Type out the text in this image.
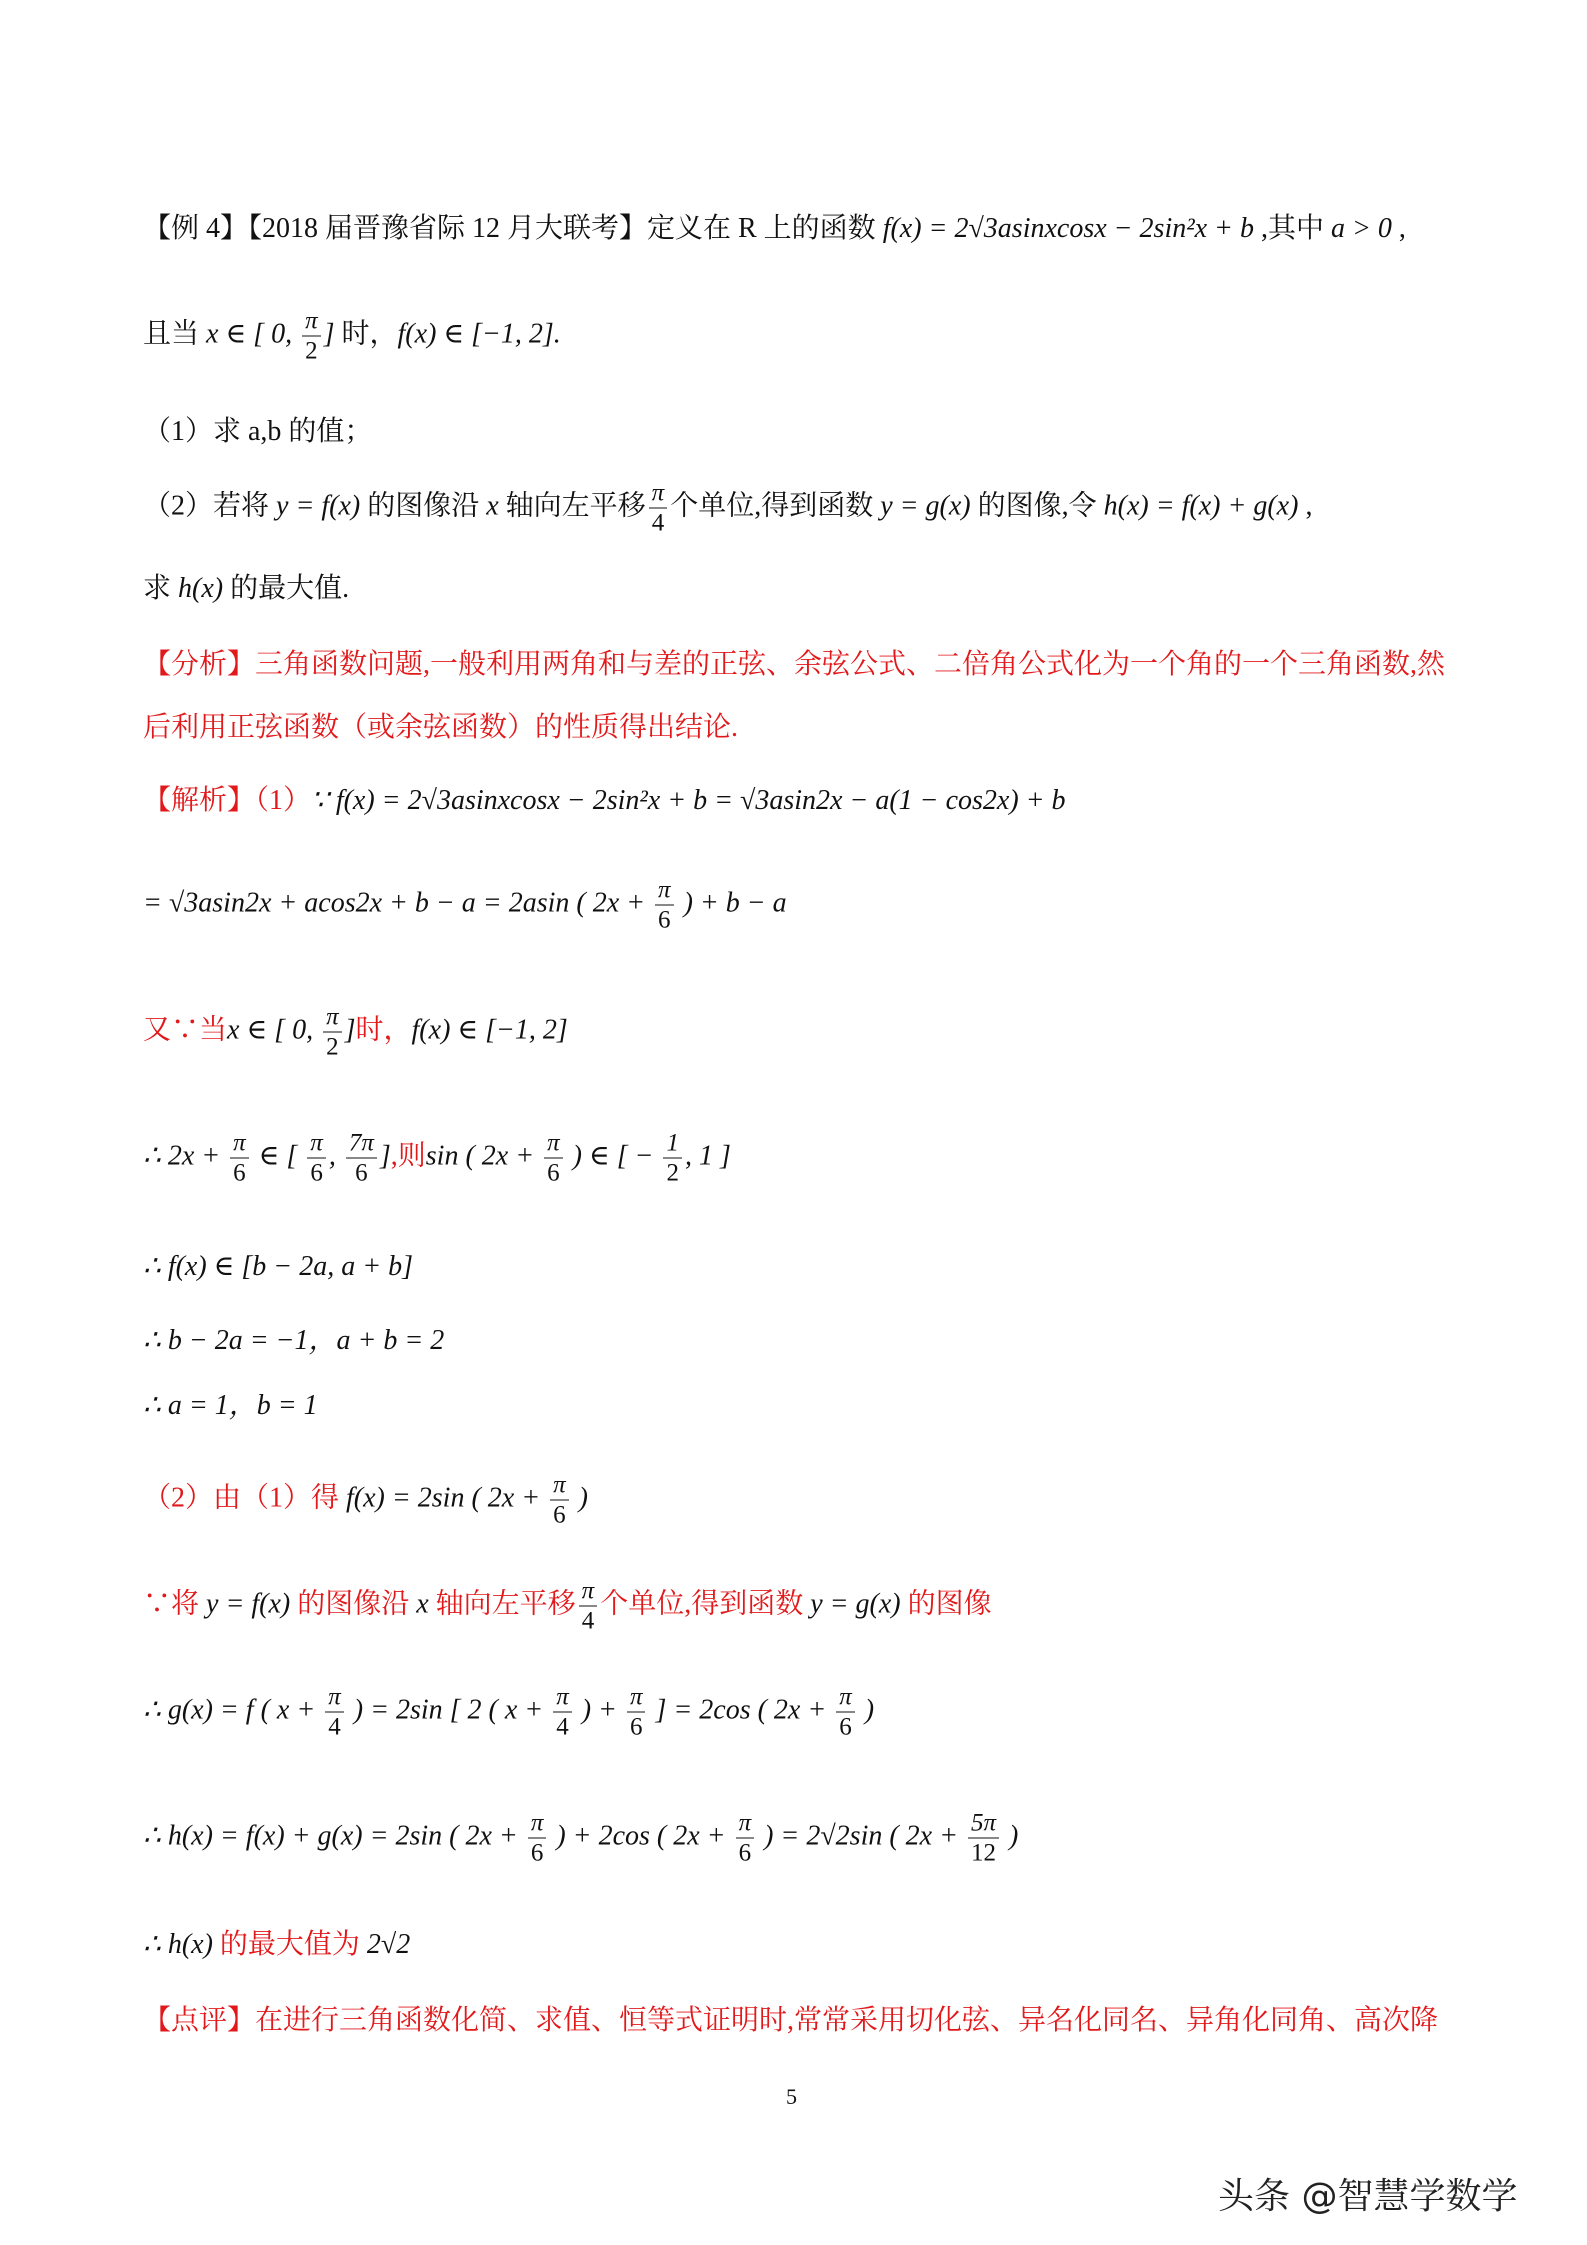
【例 4】【2018 届晋豫省际 12 月大联考】定义在 R 上的函数 f(x) = 2√3asinxcosx − 2sin²x + b ,其中 a > 0 ,
且当 x ∈ [ 0, $\frac{\pi}{2}$ ] 时，f(x) ∈ [−1, 2].
（1）求 a,b 的值；
（2）若将 y = f(x) 的图像沿 x 轴向左平移 $\frac{\pi}{4}$ 个单位,得到函数 y = g(x) 的图像,令 h(x) = f(x) + g(x) ,
求 h(x) 的最大值.
【分析】三角函数问题,一般利用两角和与差的正弦、余弦公式、二倍角公式化为一个角的一个三角函数,然
后利用正弦函数（或余弦函数）的性质得出结论.
【解析】（1）∵ f(x) = 2√3asinxcosx − 2sin²x + b = √3asin2x − a(1 − cos2x) + b
= √3asin2x + acos2x + b − a = 2asin ( $2x + \frac{\pi}{6}$ ) + b − a
又∵当x ∈ [ 0, $\frac{\pi}{2}$ ]时，f(x) ∈ [−1, 2]
∴ $2x + \frac{\pi}{6}$ ∈ [ $\frac{\pi}{6}$ , $\frac{7\pi}{6}$ ],则sin ( $2x + \frac{\pi}{6}$ ) ∈ [ − $\frac{1}{2}$ , 1 ]
∴ f(x) ∈ [b − 2a, a + b]
∴ b − 2a = −1，a + b = 2
∴ a = 1，b = 1
（2）由（1）得 f(x) = 2sin ( $2x + \frac{\pi}{6}$ )
∵将 y = f(x) 的图像沿 x 轴向左平移 $\frac{\pi}{4}$ 个单位,得到函数 y = g(x) 的图像
∴ g(x) = f ( $x + \frac{\pi}{4}$ ) = 2sin [ 2 ( $x + \frac{\pi}{4}$ ) + $\frac{\pi}{6}$ ] = 2cos ( $2x + \frac{\pi}{6}$ )
∴ h(x) = f(x) + g(x) = 2sin ( $2x + \frac{\pi}{6}$ ) + 2cos ( $2x + \frac{\pi}{6}$ ) = 2√2sin ( $2x + \frac{5\pi}{12}$ )
∴ h(x) 的最大值为 2√2
【点评】在进行三角函数化简、求值、恒等式证明时,常常采用切化弦、异名化同名、异角化同角、高次降
5
头条 @智慧学数学
